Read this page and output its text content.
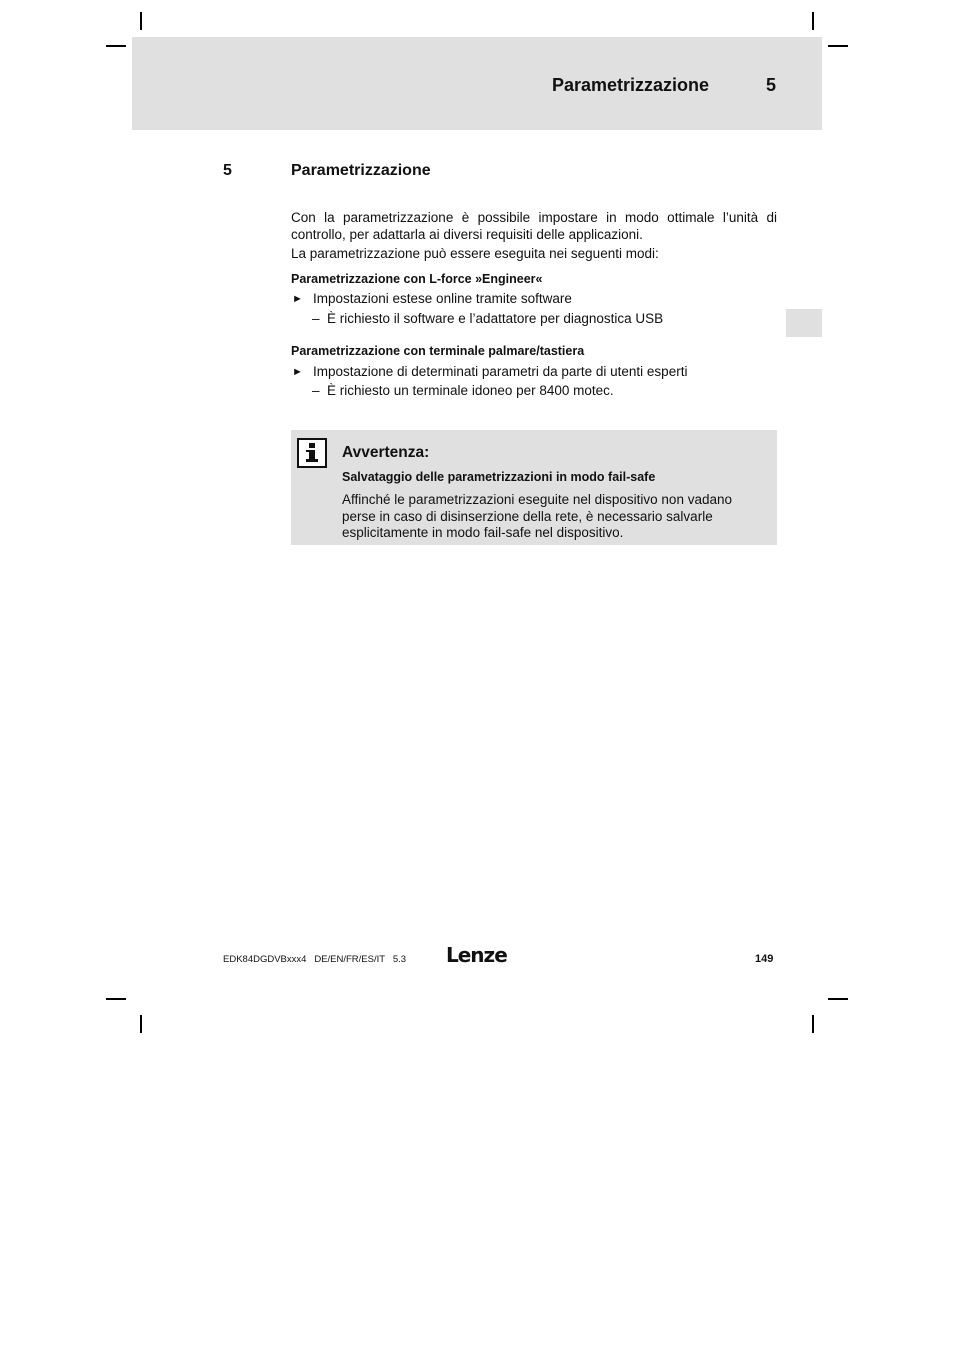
Parametrizzazione	5
5	Parametrizzazione

Con la parametrizzazione è possibile impostare in modo ottimale l’unità di controllo, per adattarla ai diversi requisiti delle applicazioni.

La parametrizzazione può essere eseguita nei seguenti modi:

Parametrizzazione con L-force »Engineer«

► Impostazioni estese online tramite software

– È richiesto il software e l’adattatore per diagnostica USB

Parametrizzazione con terminale palmare/tastiera

► Impostazione di determinati parametri da parte di utenti esperti

– È richiesto un terminale idoneo per 8400 motec.

Avvertenza:
Salvataggio delle parametrizzazioni in modo fail-safe
Affinché le parametrizzazioni eseguite nel dispositivo non vadano perse in caso di disinserzione della rete, è necessario salvarle esplicitamente in modo fail-safe nel dispositivo.
EDK84DGDVBxxx4   DE/EN/FR/ES/IT   5.3 Lenze	149
